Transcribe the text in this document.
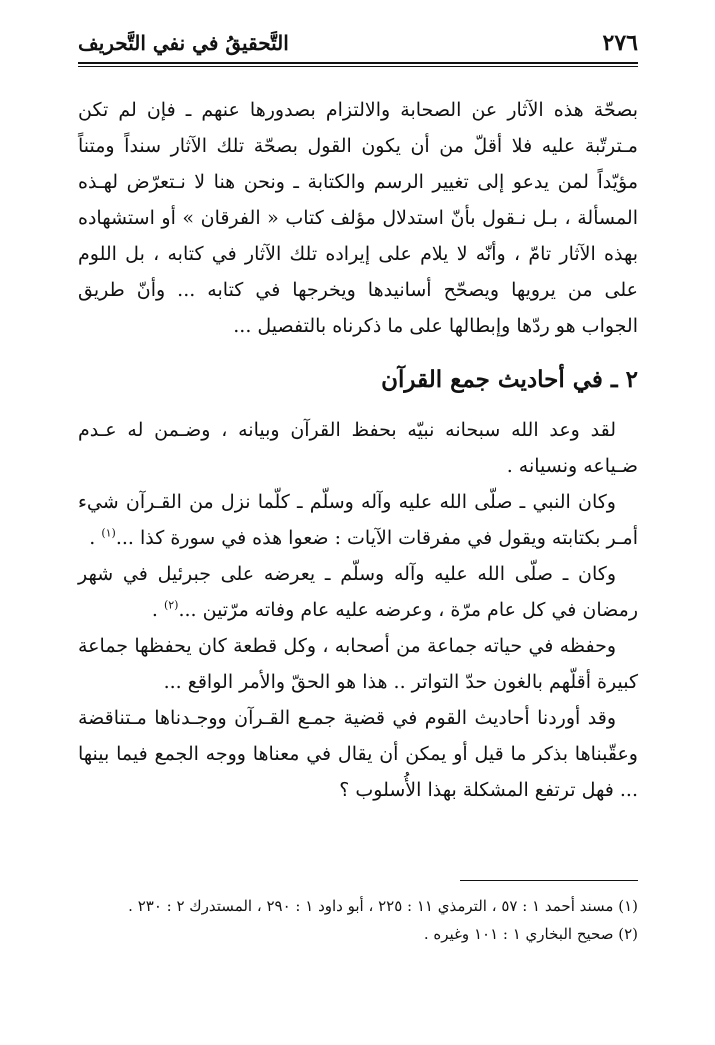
٢٧٦
التَّحقيقُ في نفي التَّحريف

بصحّة هذه الآثار عن الصحابة والالتزام بصدورها عنهم ـ فإن لم تكن مـترتّبة عليه فلا أقلّ من أن يكون القول بصحّة تلك الآثار سنداً ومتناً مؤيّداً لمن يدعو إلى تغيير الرسم والكتابة ـ ونحن هنا لا نـتعرّض لهـذه المسألة ، بـل نـقول بأنّ استدلال مؤلف كتاب « الفرقان » أو استشهاده بهذه الآثار تامّ ، وأنّه لا يلام على إيراده تلك الآثار في كتابه ، بل اللوم على من يرويها ويصحّح أسانيدها ويخرجها في كتابه ... وأنّ طريق الجواب هو ردّها وإبطالها على ما ذكرناه بالتفصيل ...

٢ ـ في أحاديث جمع القرآن

لقد وعد الله سبحانه نبيّه بحفظ القرآن وبيانه ، وضـمن له عـدم ضـياعه ونسيانه .

وكان النبي ـ صلّى الله عليه وآله وسلّم ـ كلّما نزل من القـرآن شيء أمـر بكتابته ويقول في مفرقات الآيات : ضعوا هذه في سورة كذا ...$^{(١)}$ .

وكان ـ صلّى الله عليه وآله وسلّم ـ يعرضه على جبرئيل في شهر رمضان في كل عام مرّة ، وعرضه عليه عام وفاته مرّتين ...$^{(٢)}$ .

وحفظه في حياته جماعة من أصحابه ، وكل قطعة كان يحفظها جماعة كبيرة أقلّهم بالغون حدّ التواتر .. هذا هو الحقّ والأمر الواقع ...

وقد أوردنا أحاديث القوم في قضية جمـع القـرآن ووجـدناها مـتناقضة وعقّبناها بذكر ما قيل أو يمكن أن يقال في معناها ووجه الجمع فيما بينها ... فهل ترتفع المشكلة بهذا الأُسلوب ؟

(١) مسند أحمد ١ : ٥٧ ، الترمذي ١١ : ٢٢٥ ، أبو داود ١ : ٢٩٠ ، المستدرك ٢ : ٢٣٠ .

(٢) صحيح البخاري ١ : ١٠١ وغيره .
